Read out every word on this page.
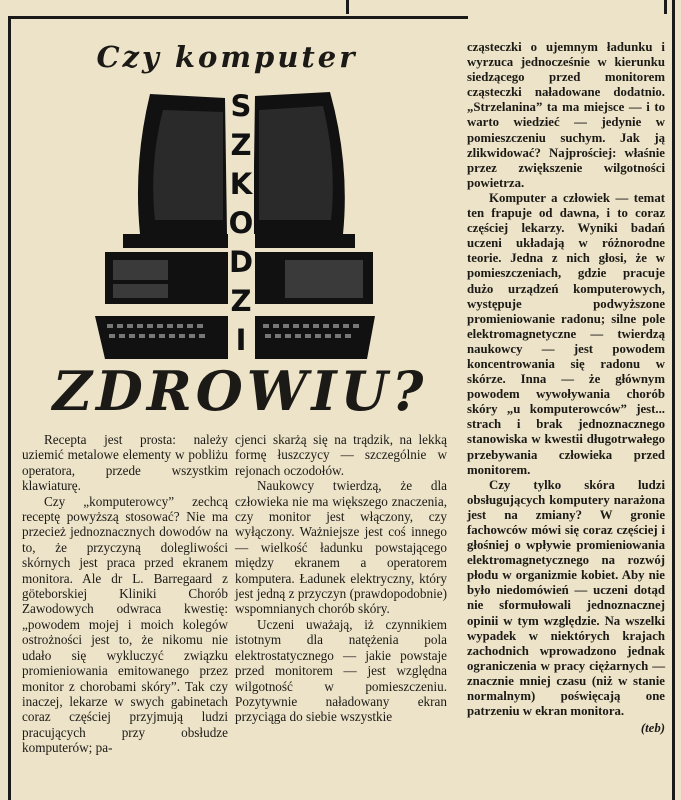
Czy komputer
S Z K O D Z I
ZDROWIU?

Recepta jest prosta: należy uziemić metalowe elementy w pobliżu operatora, przede wszystkim klawiaturę.

Czy „komputerowcy” zechcą receptę powyższą stosować? Nie ma przecież jednoznacznych dowodów na to, że przyczyną dolegliwości skórnych jest praca przed ekranem monitora. Ale dr L. Barregaard z göteborskiej Kliniki Chorób Zawodowych odwraca kwestię: „powodem mojej i moich kolegów ostrożności jest to, że nikomu nie udało się wykluczyć związku promieniowania emitowanego przez monitor z chorobami skóry”. Tak czy inaczej, lekarze w swych gabinetach coraz częściej przyjmują ludzi pracujących przy obsłudze komputerów; pa-

cjenci skarżą się na trądzik, na lekką formę łuszczycy — szczególnie w rejonach oczodołów.

Naukowcy twierdzą, że dla człowieka nie ma większego znaczenia, czy monitor jest włączony, czy wyłączony. Ważniejsze jest coś innego — wielkość ładunku powstającego między ekranem a operatorem komputera. Ładunek elektryczny, który jest jedną z przyczyn (prawdopodobnie) wspomnianych chorób skóry.

Uczeni uważają, iż czynnikiem istotnym dla natężenia pola elektrostatycznego — jakie powstaje przed monitorem — jest względna wilgotność w pomieszczeniu. Pozytywnie naładowany ekran przyciąga do siebie wszystkie

cząsteczki o ujemnym ładunku i wyrzuca jednocześnie w kierunku siedzącego przed monitorem cząsteczki naładowane dodatnio. „Strzelanina” ta ma miejsce — i to warto wiedzieć — jedynie w pomieszczeniu suchym. Jak ją zlikwidować? Najprościej: właśnie przez zwiększenie wilgotności powietrza.

Komputer a człowiek — temat ten frapuje od dawna, i to coraz częściej lekarzy. Wyniki badań uczeni układają w różnorodne teorie. Jedna z nich głosi, że w pomieszczeniach, gdzie pracuje dużo urządzeń komputerowych, występuje podwyższone promieniowanie radonu; silne pole elektromagnetyczne — twierdzą naukowcy — jest powodem koncentrowania się radonu w skórze. Inna — że głównym powodem wywoływania chorób skóry „u komputerowców” jest... strach i brak jednoznacznego stanowiska w kwestii długotrwałego przebywania człowieka przed monitorem.

Czy tylko skóra ludzi obsługujących komputery narażona jest na zmiany? W gronie fachowców mówi się coraz częściej i głośniej o wpływie promieniowania elektromagnetycznego na rozwój płodu w organizmie kobiet. Aby nie było niedomówień — uczeni dotąd nie sformułowali jednoznacznej opinii w tym względzie. Na wszelki wypadek w niektórych krajach zachodnich wprowadzono jednak ograniczenia w pracy ciężarnych — znacznie mniej czasu (niż w stanie normalnym) poświęcają one patrzeniu w ekran monitora.

(teb)
